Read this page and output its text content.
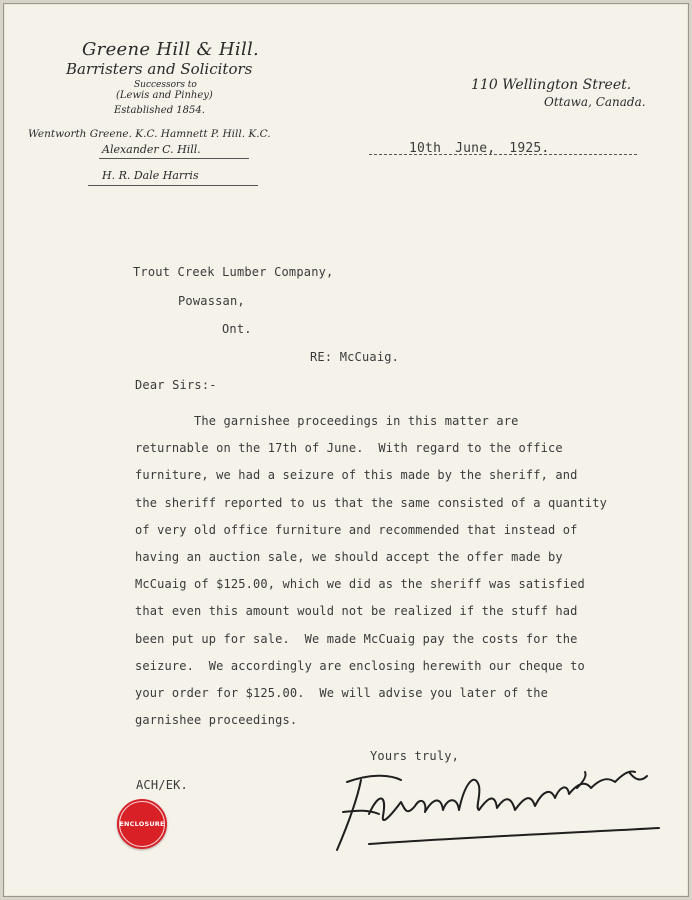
Greene Hill & Hill.
Barristers and Solicitors
Successors to
(Lewis and Pinhey)
Established 1854.
Wentworth Greene. K.C. Hamnett P. Hill. K.C.
Alexander C. Hill.
H. R. Dale Harris
110 Wellington Street.
Ottawa, Canada.
10th June, 1925.
Trout Creek Lumber Company,
Powassan,
Ont.
RE: McCuaig.
Dear Sirs:-
The garnishee proceedings in this matter are
returnable on the 17th of June.  With regard to the office
furniture, we had a seizure of this made by the sheriff, and
the sheriff reported to us that the same consisted of a quantity
of very old office furniture and recommended that instead of
having an auction sale, we should accept the offer made by
McCuaig of $125.00, which we did as the sheriff was satisfied
that even this amount would not be realized if the stuff had
been put up for sale.  We made McCuaig pay the costs for the
seizure.  We accordingly are enclosing herewith our cheque to
your order for $125.00.  We will advise you later of the
garnishee proceedings.
Yours truly,
ACH/EK.
ENCLOSURE
